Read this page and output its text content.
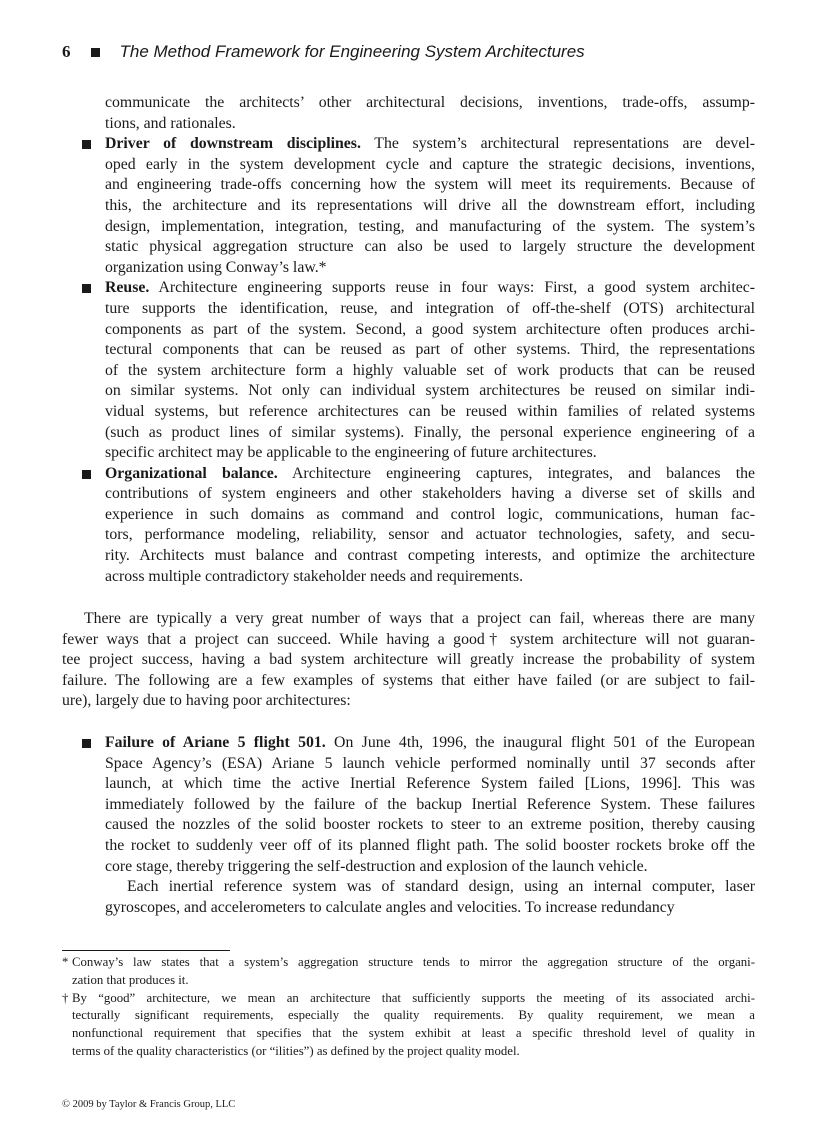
6	The Method Framework for Engineering System Architectures
communicate the architects’ other architectural decisions, inventions, trade-offs, assump-
tions, and rationales.
Driver of downstream disciplines. The system’s architectural representations are devel-
oped early in the system development cycle and capture the strategic decisions, inventions,
and engineering trade-offs concerning how the system will meet its requirements. Because of
this, the architecture and its representations will drive all the downstream effort, including
design, implementation, integration, testing, and manufacturing of the system. The system’s
static physical aggregation structure can also be used to largely structure the development
organization using Conway’s law.*
Reuse. Architecture engineering supports reuse in four ways: First, a good system architec-
ture supports the identification, reuse, and integration of off-the-shelf (OTS) architectural
components as part of the system. Second, a good system architecture often produces archi-
tectural components that can be reused as part of other systems. Third, the representations
of the system architecture form a highly valuable set of work products that can be reused
on similar systems. Not only can individual system architectures be reused on similar indi-
vidual systems, but reference architectures can be reused within families of related systems
(such as product lines of similar systems). Finally, the personal experience engineering of a
specific architect may be applicable to the engineering of future architectures.
Organizational balance. Architecture engineering captures, integrates, and balances the
contributions of system engineers and other stakeholders having a diverse set of skills and
experience in such domains as command and control logic, communications, human fac-
tors, performance modeling, reliability, sensor and actuator technologies, safety, and secu-
rity. Architects must balance and contrast competing interests, and optimize the architecture
across multiple contradictory stakeholder needs and requirements.
There are typically a very great number of ways that a project can fail, whereas there are many
fewer ways that a project can succeed. While having a good† system architecture will not guaran-
tee project success, having a bad system architecture will greatly increase the probability of system
failure. The following are a few examples of systems that either have failed (or are subject to fail-
ure), largely due to having poor architectures:
Failure of Ariane 5 flight 501. On June 4th, 1996, the inaugural flight 501 of the European
Space Agency’s (ESA) Ariane 5 launch vehicle performed nominally until 37 seconds after
launch, at which time the active Inertial Reference System failed [Lions, 1996]. This was
immediately followed by the failure of the backup Inertial Reference System. These failures
caused the nozzles of the solid booster rockets to steer to an extreme position, thereby causing
the rocket to suddenly veer off of its planned flight path. The solid booster rockets broke off the
core stage, thereby triggering the self-destruction and explosion of the launch vehicle.
Each inertial reference system was of standard design, using an internal computer, laser
gyroscopes, and accelerometers to calculate angles and velocities. To increase redundancy
* Conway’s law states that a system’s aggregation structure tends to mirror the aggregation structure of the organi-
zation that produces it.
† By “good” architecture, we mean an architecture that sufficiently supports the meeting of its associated archi-
tecturally significant requirements, especially the quality requirements. By quality requirement, we mean a
nonfunctional requirement that specifies that the system exhibit at least a specific threshold level of quality in
terms of the quality characteristics (or “ilities”) as defined by the project quality model.
© 2009 by Taylor & Francis Group, LLC
